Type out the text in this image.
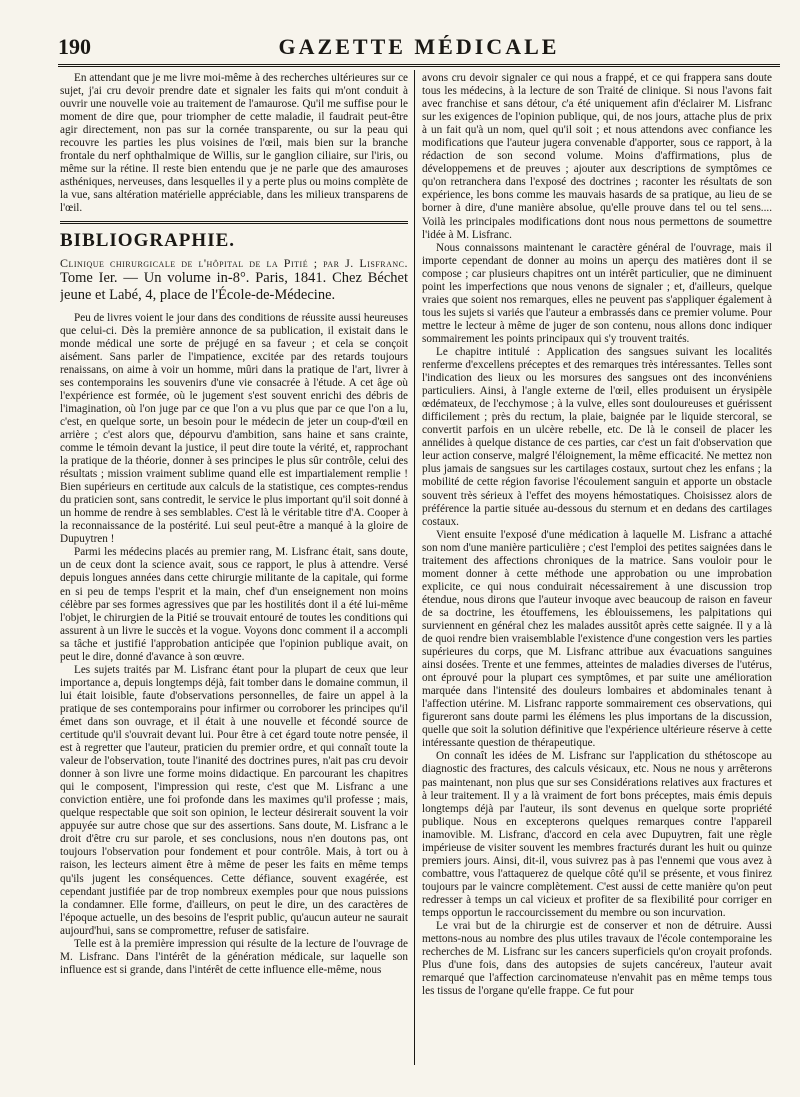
190	GAZETTE MÉDICALE

En attendant que je me livre moi-même à des recherches ultérieures sur ce sujet, j'ai cru devoir prendre date et signaler les faits qui m'ont conduit à ouvrir une nouvelle voie au traitement de l'amaurose. Qu'il me suffise pour le moment de dire que, pour triompher de cette maladie, il faudrait peut-être agir directement, non pas sur la cornée transparente, ou sur la peau qui recouvre les parties les plus voisines de l'œil, mais bien sur la branche frontale du nerf ophthalmique de Willis, sur le ganglion ciliaire, sur l'iris, ou même sur la rétine. Il reste bien entendu que je ne parle que des amauroses asthéniques, nerveuses, dans lesquelles il y a perte plus ou moins complète de la vue, sans altération matérielle appréciable, dans les milieux transparens de l'œil.

BIBLIOGRAPHIE.

Clinique chirurgicale de l'hôpital de la Pitié ; par J. Lisfranc. Tome Ier. — Un volume in-8°. Paris, 1841. Chez Béchet jeune et Labé, 4, place de l'École-de-Médecine.

Peu de livres voient le jour dans des conditions de réussite aussi heureuses que celui-ci. Dès la première annonce de sa publication, il existait dans le monde médical une sorte de préjugé en sa faveur ; et cela se conçoit aisément. Sans parler de l'impatience, excitée par des retards toujours renaissans, on aime à voir un homme, mûri dans la pratique de l'art, livrer à ses contemporains les souvenirs d'une vie consacrée à l'étude. A cet âge où l'expérience est formée, où le jugement s'est souvent enrichi des débris de l'imagination, où l'on juge par ce que l'on a vu plus que par ce que l'on a lu, c'est, en quelque sorte, un besoin pour le médecin de jeter un coup-d'œil en arrière ; c'est alors que, dépourvu d'ambition, sans haine et sans crainte, comme le témoin devant la justice, il peut dire toute la vérité, et, rapprochant la pratique de la théorie, donner à ses principes le plus sûr contrôle, celui des résultats ; mission vraiment sublime quand elle est impartialement remplie ! Bien supérieurs en certitude aux calculs de la statistique, ces comptes-rendus du praticien sont, sans contredit, le service le plus important qu'il soit donné à un homme de rendre à ses semblables. C'est là le véritable titre d'A. Cooper à la reconnaissance de la postérité. Lui seul peut-être a manqué à la gloire de Dupuytren !

Parmi les médecins placés au premier rang, M. Lisfranc était, sans doute, un de ceux dont la science avait, sous ce rapport, le plus à attendre. Versé depuis longues années dans cette chirurgie militante de la capitale, qui forme en si peu de temps l'esprit et la main, chef d'un enseignement non moins célèbre par ses formes agressives que par les hostilités dont il a été lui-même l'objet, le chirurgien de la Pitié se trouvait entouré de toutes les conditions qui assurent à un livre le succès et la vogue. Voyons donc comment il a accompli sa tâche et justifié l'approbation anticipée que l'opinion publique avait, on peut le dire, donné d'avance à son œuvre.

Les sujets traités par M. Lisfranc étant pour la plupart de ceux que leur importance a, depuis longtemps déjà, fait tomber dans le domaine commun, il lui était loisible, faute d'observations personnelles, de faire un appel à la pratique de ses contemporains pour infirmer ou corroborer les principes qu'il émet dans son ouvrage, et il était à une nouvelle et fécondé source de certitude qu'il s'ouvrait devant lui. Pour être à cet égard toute notre pensée, il est à regretter que l'auteur, praticien du premier ordre, et qui connaît toute la valeur de l'observation, toute l'inanité des doctrines pures, n'ait pas cru devoir donner à son livre une forme moins didactique. En parcourant les chapitres qui le composent, l'impression qui reste, c'est que M. Lisfranc a une conviction entière, une foi profonde dans les maximes qu'il professe ; mais, quelque respectable que soit son opinion, le lecteur désirerait souvent la voir appuyée sur autre chose que sur des assertions. Sans doute, M. Lisfranc a le droit d'être cru sur parole, et ses conclusions, nous n'en doutons pas, ont toujours l'observation pour fondement et pour contrôle. Mais, à tort ou à raison, les lecteurs aiment être à même de peser les faits en même temps qu'ils jugent les conséquences. Cette défiance, souvent exagérée, est cependant justifiée par de trop nombreux exemples pour que nous puissions la condamner. Elle forme, d'ailleurs, on peut le dire, un des caractères de l'époque actuelle, un des besoins de l'esprit public, qu'aucun auteur ne saurait aujourd'hui, sans se compromettre, refuser de satisfaire.

Telle est à la première impression qui résulte de la lecture de l'ouvrage de M. Lisfranc. Dans l'intérêt de la génération médicale, sur laquelle son influence est si grande, dans l'intérêt de cette influence elle-même, nous

avons cru devoir signaler ce qui nous a frappé, et ce qui frappera sans doute tous les médecins, à la lecture de son Traité de clinique. Si nous l'avons fait avec franchise et sans détour, c'a été uniquement afin d'éclairer M. Lisfranc sur les exigences de l'opinion publique, qui, de nos jours, attache plus de prix à un fait qu'à un nom, quel qu'il soit ; et nous attendons avec confiance les modifications que l'auteur jugera convenable d'apporter, sous ce rapport, à la rédaction de son second volume. Moins d'affirmations, plus de développemens et de preuves ; ajouter aux descriptions de symptômes ce qu'on retranchera dans l'exposé des doctrines ; raconter les résultats de son expérience, les bons comme les mauvais hasards de sa pratique, au lieu de se borner à dire, d'une manière absolue, qu'elle prouve dans tel ou tel sens.... Voilà les principales modifications dont nous nous permettons de soumettre l'idée à M. Lisfranc.

Nous connaissons maintenant le caractère général de l'ouvrage, mais il importe cependant de donner au moins un aperçu des matières dont il se compose ; car plusieurs chapitres ont un intérêt particulier, que ne diminuent point les imperfections que nous venons de signaler ; et, d'ailleurs, quelque vraies que soient nos remarques, elles ne peuvent pas s'appliquer également à tous les sujets si variés que l'auteur a embrassés dans ce premier volume. Pour mettre le lecteur à même de juger de son contenu, nous allons donc indiquer sommairement les points principaux qui s'y trouvent traités.

Le chapitre intitulé : Application des sangsues suivant les localités renferme d'excellens préceptes et des remarques très intéressantes. Telles sont l'indication des lieux ou les morsures des sangsues ont des inconvéniens particuliers. Ainsi, à l'angle externe de l'œil, elles produisent un érysipèle œdémateux, de l'ecchymose ; à la vulve, elles sont douloureuses et guérissent difficilement ; près du rectum, la plaie, baignée par le liquide stercoral, se convertit parfois en un ulcère rebelle, etc. De là le conseil de placer les annélides à quelque distance de ces parties, car c'est un fait d'observation que leur action conserve, malgré l'éloignement, la même efficacité. Ne mettez non plus jamais de sangsues sur les cartilages costaux, surtout chez les enfans ; la mobilité de cette région favorise l'écoulement sanguin et apporte un obstacle souvent très sérieux à l'effet des moyens hémostatiques. Choisissez alors de préférence la partie située au-dessous du sternum et en dedans des cartilages costaux.

Vient ensuite l'exposé d'une médication à laquelle M. Lisfranc a attaché son nom d'une manière particulière ; c'est l'emploi des petites saignées dans le traitement des affections chroniques de la matrice. Sans vouloir pour le moment donner à cette méthode une approbation ou une improbation explicite, ce qui nous conduirait nécessairement à une discussion trop étendue, nous dirons que l'auteur invoque avec beaucoup de raison en faveur de sa doctrine, les étouffemens, les éblouissemens, les palpitations qui surviennent en général chez les malades aussitôt après cette saignée. Il y a là de quoi rendre bien vraisemblable l'existence d'une congestion vers les parties supérieures du corps, que M. Lisfranc attribue aux évacuations sanguines ainsi dosées. Trente et une femmes, atteintes de maladies diverses de l'utérus, ont éprouvé pour la plupart ces symptômes, et par suite une amélioration marquée dans l'intensité des douleurs lombaires et abdominales tenant à l'affection utérine. M. Lisfranc rapporte sommairement ces observations, qui figureront sans doute parmi les élémens les plus importans de la discussion, quelle que soit la solution définitive que l'expérience ultérieure réserve à cette intéressante question de thérapeutique.

On connaît les idées de M. Lisfranc sur l'application du sthétoscope au diagnostic des fractures, des calculs vésicaux, etc. Nous ne nous y arrêterons pas maintenant, non plus que sur ses Considérations relatives aux fractures et à leur traitement. Il y a là vraiment de fort bons préceptes, mais émis depuis longtemps déjà par l'auteur, ils sont devenus en quelque sorte propriété publique. Nous en excepterons quelques remarques contre l'appareil inamovible. M. Lisfranc, d'accord en cela avec Dupuytren, fait une règle impérieuse de visiter souvent les membres fracturés durant les huit ou quinze premiers jours. Ainsi, dit-il, vous suivrez pas à pas l'ennemi que vous avez à combattre, vous l'attaquerez de quelque côté qu'il se présente, et vous finirez toujours par le vaincre complètement. C'est aussi de cette manière qu'on peut redresser à temps un cal vicieux et profiter de sa flexibilité pour corriger en temps opportun le raccourcissement du membre ou son incurvation.

Le vrai but de la chirurgie est de conserver et non de détruire. Aussi mettons-nous au nombre des plus utiles travaux de l'école contemporaine les recherches de M. Lisfranc sur les cancers superficiels qu'on croyait profonds. Plus d'une fois, dans des autopsies de sujets cancéreux, l'auteur avait remarqué que l'affection carcinomateuse n'envahit pas en même temps tous les tissus de l'organe qu'elle frappe. Ce fut pour
